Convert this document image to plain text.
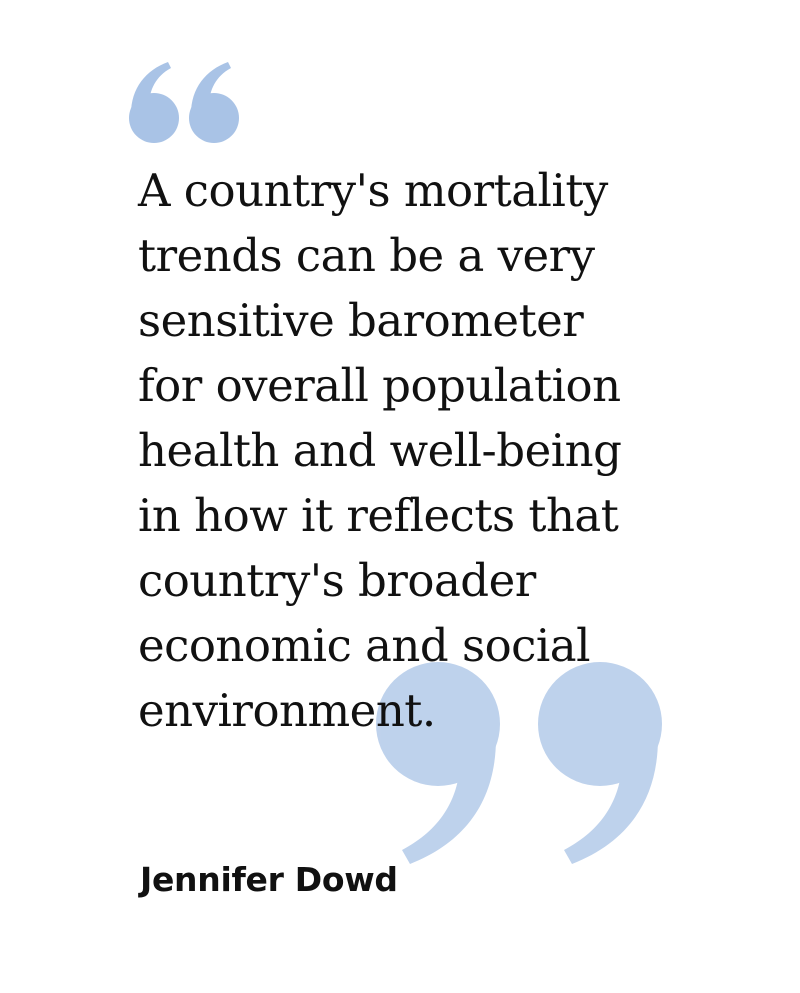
A country's mortality
trends can be a very
sensitive barometer
for overall population
health and well-being
in how it reflects that
country's broader
economic and social
environment.

Jennifer Dowd
